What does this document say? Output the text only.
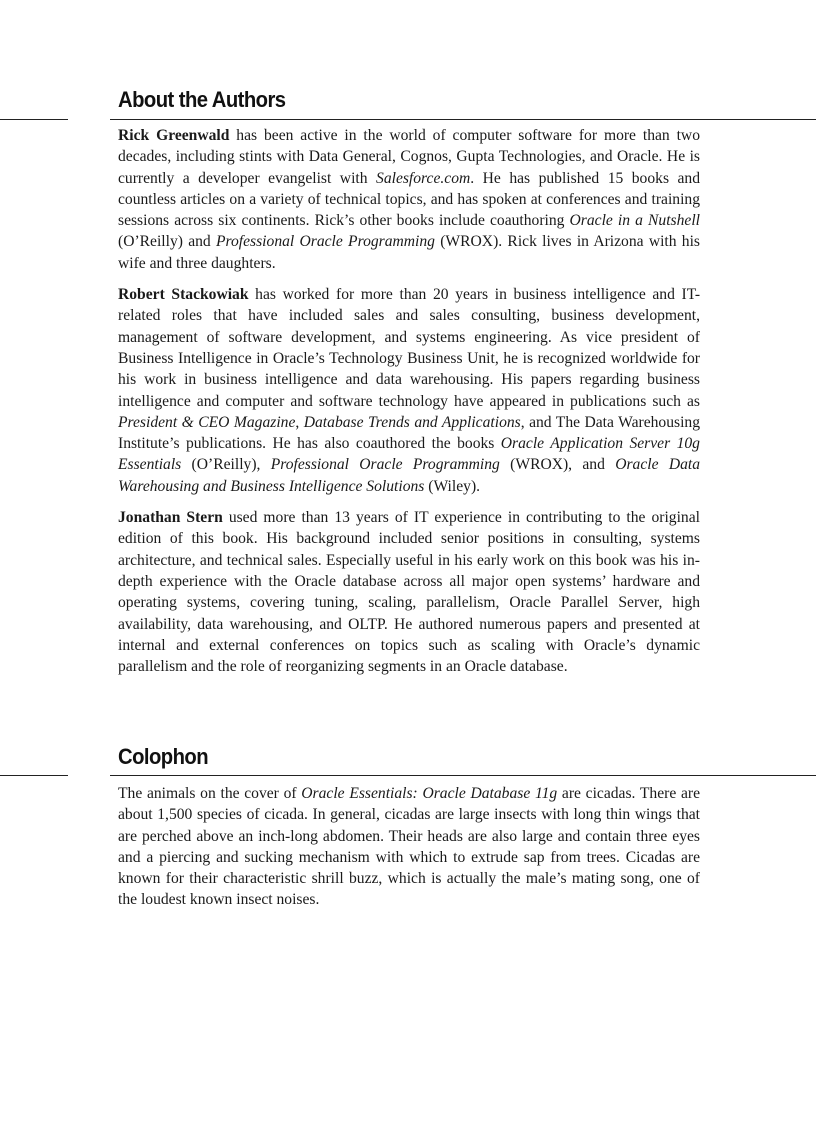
About the Authors

Rick Greenwald has been active in the world of computer software for more than two decades, including stints with Data General, Cognos, Gupta Technologies, and Oracle. He is currently a developer evangelist with Salesforce.com. He has published 15 books and countless articles on a variety of technical topics, and has spoken at conferences and training sessions across six continents. Rick’s other books include coauthoring Oracle in a Nutshell (O’Reilly) and Professional Oracle Programming (WROX). Rick lives in Arizona with his wife and three daughters.

Robert Stackowiak has worked for more than 20 years in business intelligence and IT-related roles that have included sales and sales consulting, business development, management of software development, and systems engineering. As vice president of Business Intelligence in Oracle’s Technology Business Unit, he is recognized worldwide for his work in business intelligence and data warehousing. His papers regarding business intelligence and computer and software technology have appeared in publications such as President & CEO Magazine, Database Trends and Applications, and The Data Warehousing Institute’s publications. He has also coauthored the books Oracle Application Server 10g Essentials (O’Reilly), Professional Oracle Programming (WROX), and Oracle Data Warehousing and Business Intelligence Solutions (Wiley).

Jonathan Stern used more than 13 years of IT experience in contributing to the original edition of this book. His background included senior positions in consulting, systems architecture, and technical sales. Especially useful in his early work on this book was his in-depth experience with the Oracle database across all major open systems’ hardware and operating systems, covering tuning, scaling, parallelism, Oracle Parallel Server, high availability, data warehousing, and OLTP. He authored numerous papers and presented at internal and external conferences on topics such as scaling with Oracle’s dynamic parallelism and the role of reorganizing segments in an Oracle database.

Colophon

The animals on the cover of Oracle Essentials: Oracle Database 11g are cicadas. There are about 1,500 species of cicada. In general, cicadas are large insects with long thin wings that are perched above an inch-long abdomen. Their heads are also large and contain three eyes and a piercing and sucking mechanism with which to extrude sap from trees. Cicadas are known for their characteristic shrill buzz, which is actually the male’s mating song, one of the loudest known insect noises.
